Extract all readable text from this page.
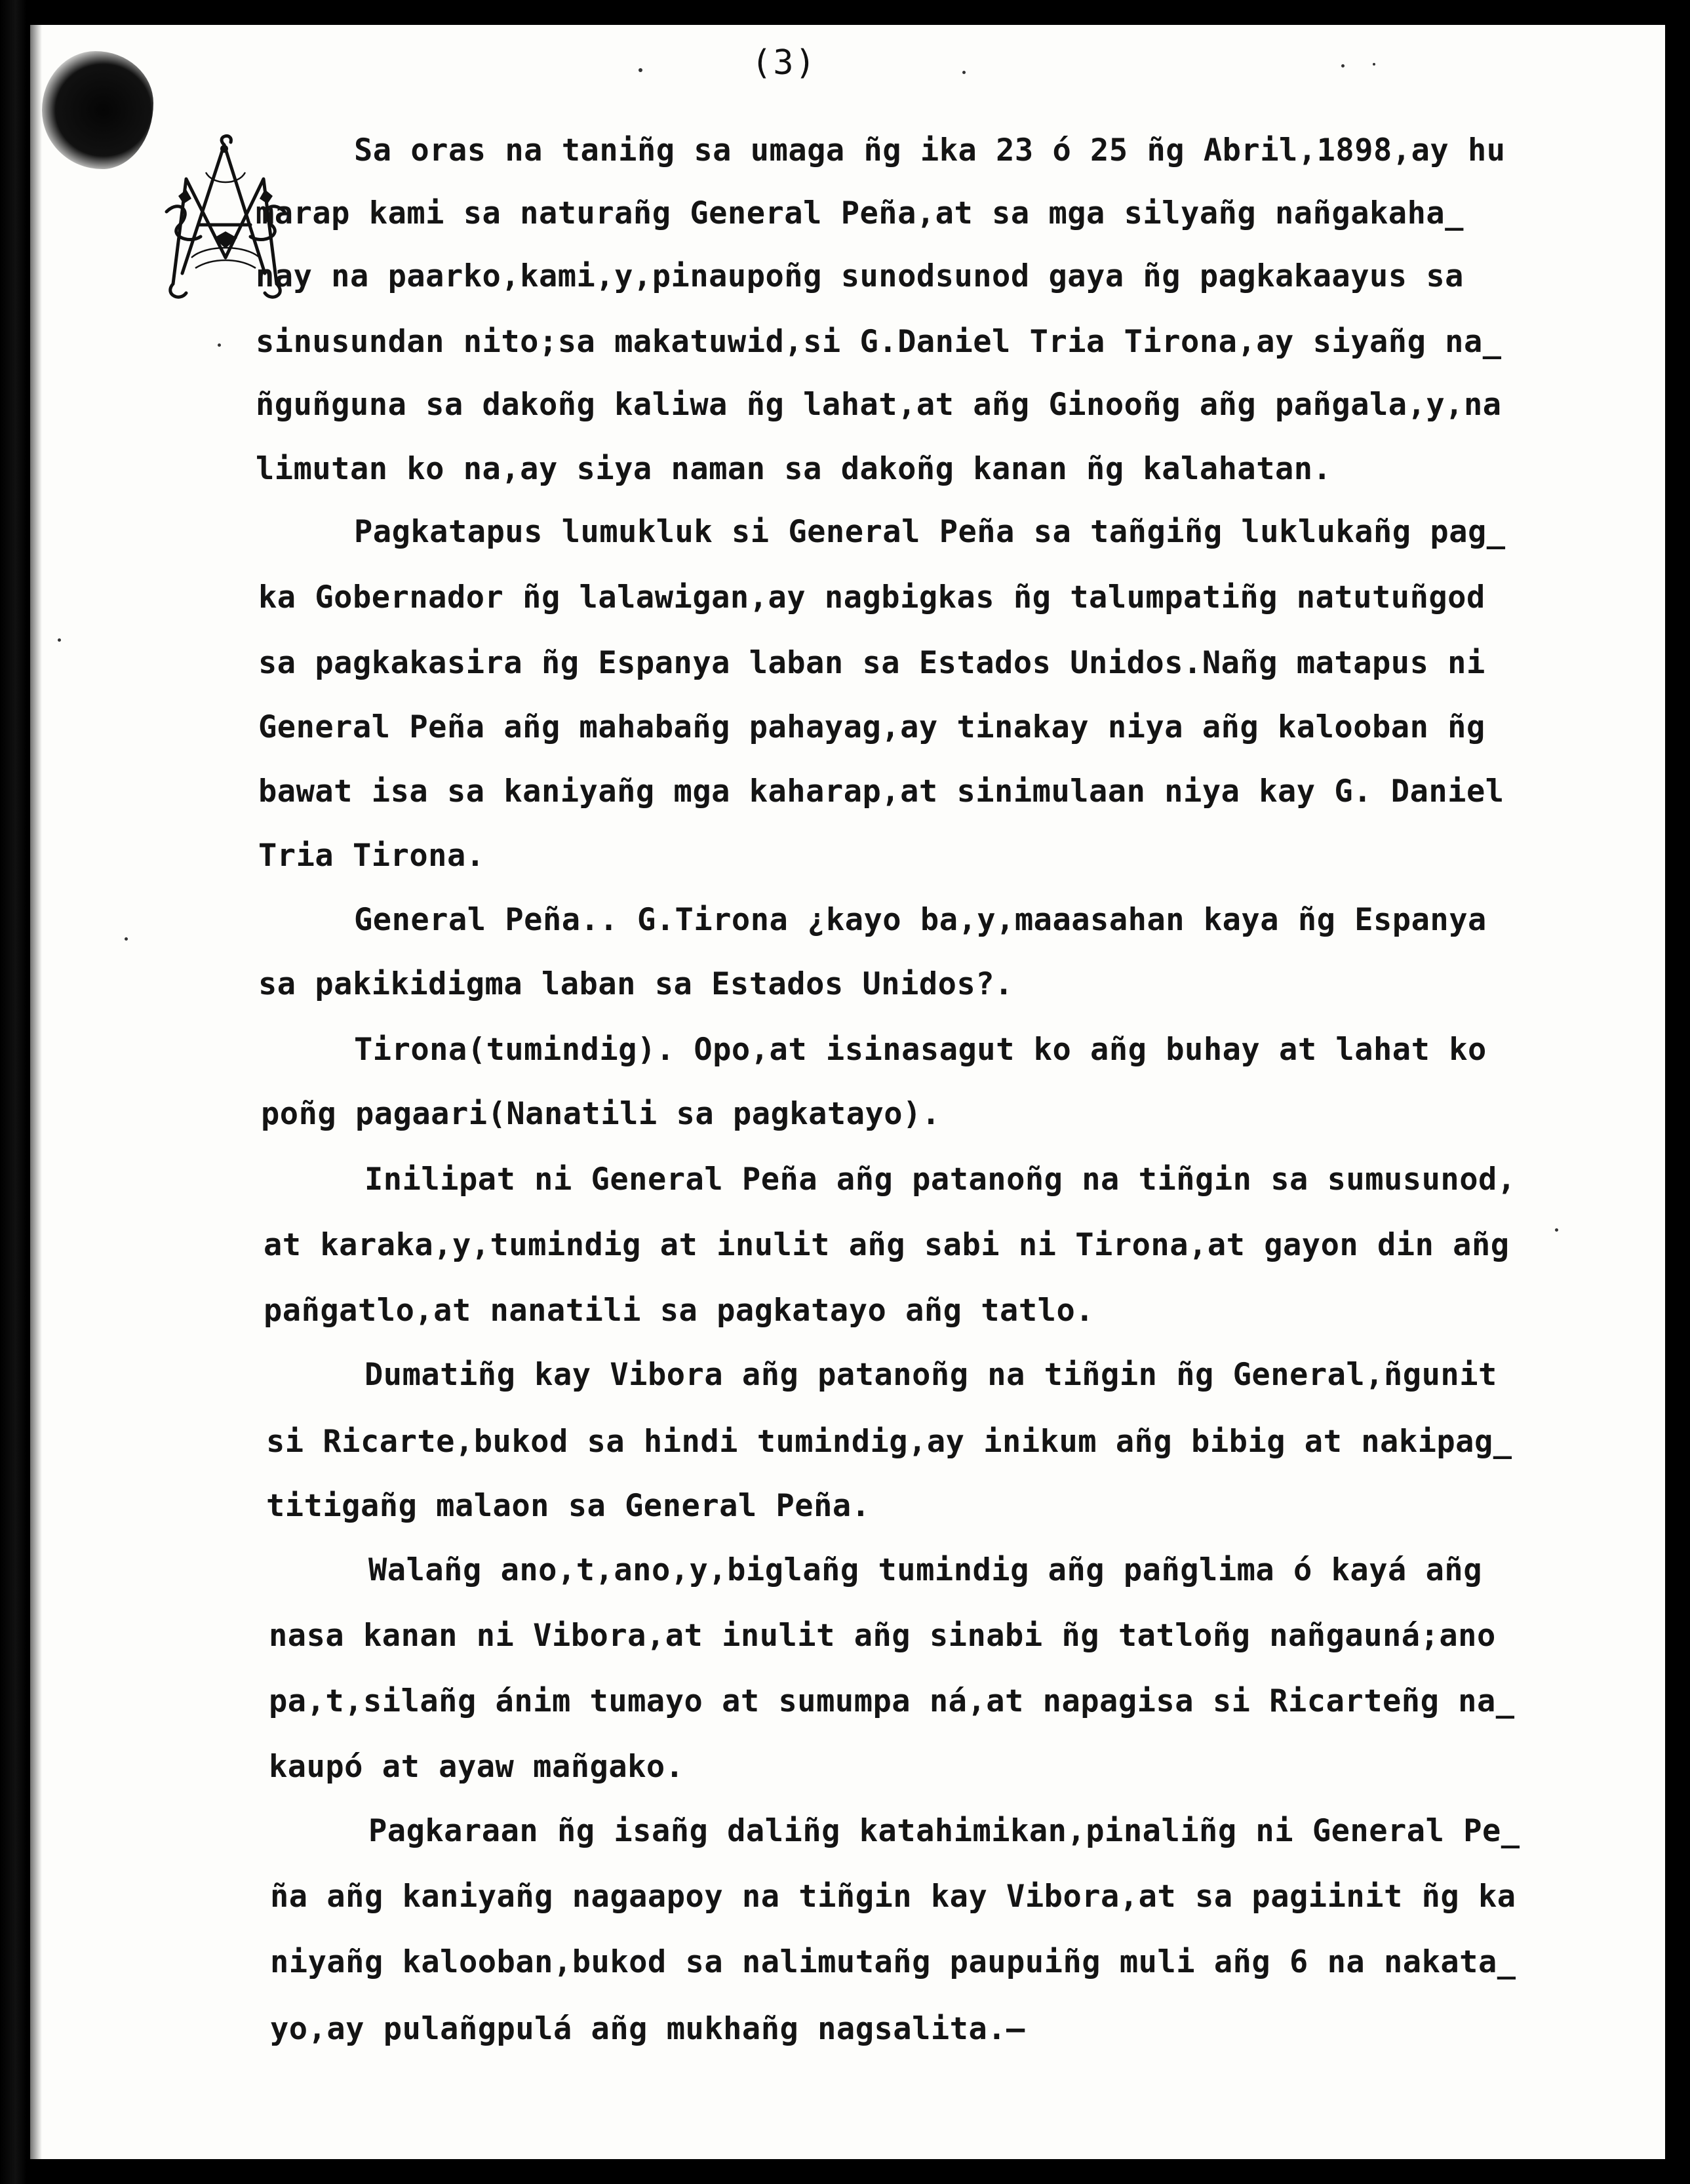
(3)
Sa oras na taniñg sa umaga ñg ika 23 ó 25 ñg Abril,1898,ay hu
marap kami sa naturañg General Peña,at sa mga silyañg nañgakaha_
nay na paarko,kami,y,pinaupoñg sunodsunod gaya ñg pagkakaayus sa
sinusundan nito;sa makatuwid,si G.Daniel Tria Tirona,ay siyañg na_
ñguñguna sa dakoñg kaliwa ñg lahat,at añg Ginooñg añg pañgala,y,na
limutan ko na,ay siya naman sa dakoñg kanan ñg kalahatan.
Pagkatapus lumukluk si General Peña sa tañgiñg luklukañg pag_
ka Gobernador ñg lalawigan,ay nagbigkas ñg talumpatiñg natutuñgod
sa pagkakasira ñg Espanya laban sa Estados Unidos.Nañg matapus ni
General Peña añg mahabañg pahayag,ay tinakay niya añg kalooban ñg
bawat isa sa kaniyañg mga kaharap,at sinimulaan niya kay G. Daniel
Tria Tirona.
General Peña.. G.Tirona ¿kayo ba,y,maaasahan kaya ñg Espanya
sa pakikidigma laban sa Estados Unidos?.
Tirona(tumindig). Opo,at isinasagut ko añg buhay at lahat ko
poñg pagaari(Nanatili sa pagkatayo).
Inilipat ni General Peña añg patanoñg na tiñgin sa sumusunod,
at karaka,y,tumindig at inulit añg sabi ni Tirona,at gayon din añg
pañgatlo,at nanatili sa pagkatayo añg tatlo.
Dumatiñg kay Vibora añg patanoñg na tiñgin ñg General,ñgunit
si Ricarte,bukod sa hindi tumindig,ay inikum añg bibig at nakipag_
titigañg malaon sa General Peña.
Walañg ano,t,ano,y,biglañg tumindig añg pañglima ó kayá añg
nasa kanan ni Vibora,at inulit añg sinabi ñg tatloñg nañgauná;ano
pa,t,silañg ánim tumayo at sumumpa ná,at napagisa si Ricarteñg na_
kaupó at ayaw mañgako.
Pagkaraan ñg isañg daliñg katahimikan,pinaliñg ni General Pe_
ña añg kaniyañg nagaapoy na tiñgin kay Vibora,at sa pagiinit ñg ka
niyañg kalooban,bukod sa nalimutañg paupuiñg muli añg 6 na nakata_
yo,ay pulañgpulá añg mukhañg nagsalita.—
